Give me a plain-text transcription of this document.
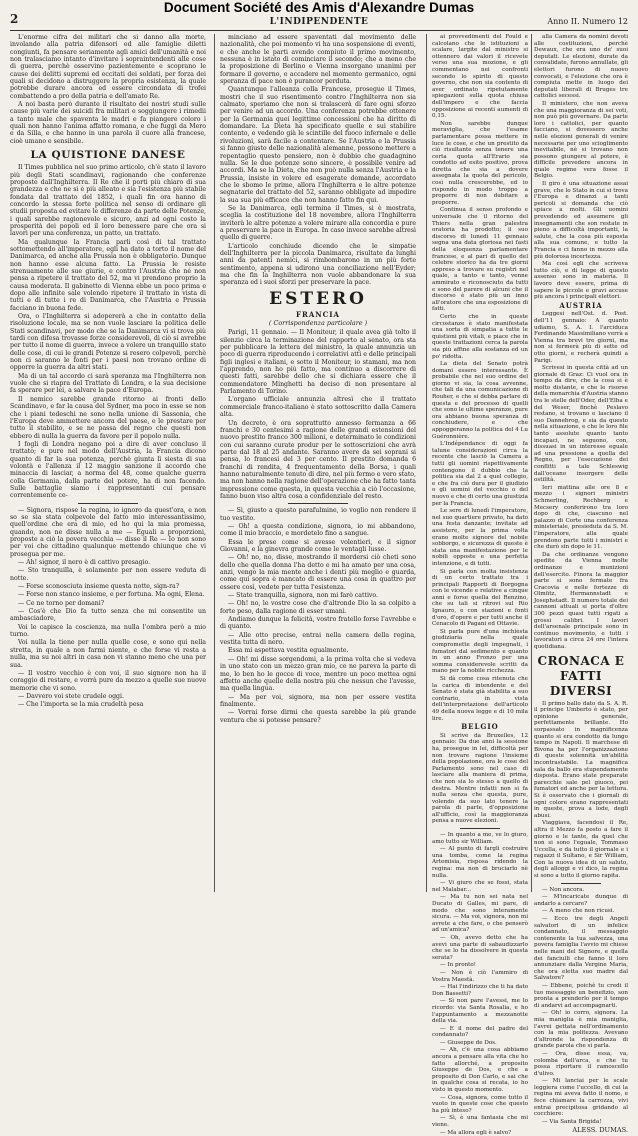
Document Société des Amis d'Alexandre Dumas
2	L'INDIPENDENTE	Anno II. Numero 12

L'enorme cifra dei militari che si danno alla morte, involando alla patria difensori ed alle famiglie diletti congiunti, fa pensare seriamente agli amici dell'umanità e noi non tralasciamo intanto d'invitare i sopraintendenti alle cose di guerra, perchè osservino pazientemente e scoprano le cause dei delitti supremi ed eccitati dei soldati, per forza dei quali si decidono a distruggere la propria esistenza, la quale potrebbe durare ancora ed essere circondata di trofei combattendo a pro della patria e dell'amato Re.

A noi basta però durante il risultato dei nostri studi sulle cause più varie dei suicidi fra militari e soggiungere i rimedii a tanto male che spaventa le madri e fa piangere coloro i quali non hanno l'anima affatto romana, e che fuggi da Mero e da Silla, e che hanno in una parola il cuore alla francese, cioè umano e sensibile.

LA QUISTIONE DANESE

Il Times pubblica nel suo primo articolo, ch'è stato il lavoro più degli Stati scandinavi, ragionando che conferenze proposte dall'Inghilterra. Il Re che il porti più chiaro di sua grandezza e che ne si è più alleato e sia l'esistenza più stabile fondata dal trattato del 1852, i quali fin ora hanno di concordo la stessa forte politica nel senso di ordinare gli studii proposta ed evitare le differenze da parte delle Potenze, i quali sarebbe ragionevole e sicuro, anzi ad ogni costo la prosperità dei popoli ed il loro benessere pare che ora si lavori per una conferenza, un patto, un trattato.

Ma qualunque la Francia parli così di tal trattato sottomettendo all'imperatore, egli ha dato a torto il nome del Danimarca, ed anche alla Prussia non è obbligatorio. Dunque non hanno esse alcuna fatto. La Prussia le resiste strenuamente alle sue giurie, e contro l'Austria che né non pensa a ripetere il trattato del 52, ma vi prendono proprio la causa moderata. Il gabinetto di Vienna ebbe un poco prima e dopo alle infinite sale volendo ripetere il trattato in vista di tutti e di tutte i re di Danimarca, che l'Austria e Prussia facciano in buona fede.

Ora, o l'Inghilterra si adopererà a che in contatto della risoluzione locale, ma se non vuole lasciare la politica delle Stati scandinavi, per modo che se la Danimarca vi si trova più tardi con difesa trovasse forze considerevoli, di ciò si avrebbe per tutto il nome di guerra, invece a volere un tranquillo stato delle cose, di cui le grandi Potenze si resero colpevoli, perchè non ci saranno le fonti per i paesi non trovano ordine di opporre la guerra da altri stati.

Ma di un tal accordo ci sarà speranza ma l'Inghilterra non vuole che si riapra del Trattato di Londra, e la sua decisione fa sperare per lei, a salvare la pace d'Europa.

Il nemico sarebbe grande ritorno ai fronti dello Scandinavo, e far la causa del Sydner, ma poco in esse se non che i piani tedeschi ne sono nella unione di Sassonia, che l'Europa deve ammettere ancora del paese, e le prestare per tutto il stabilito, e se ne passa del regno che questi non ebbero di nulla la guerra da favore per il popolo nulla.

I fogli di Londra negano poi a dire di aver concluso il trattato; e pure nel modo dell'Austria, la Francia dicono quanto di far la sua potenza, perchè giunta lì siesta di sua volontà e l'allenza il 12 maggio sanzione il accordo che minaccia di lasciar, a norma del 48, come qualche guerra colla Germania, dalla parte del potere, ha di non facendo. Sulle battaglie siamo i rappresentanti cui pensare correntemente ce-

— Signora, rispose la regina, io ignoro da quest'ora, e non so se sia stata colpevole del fatto mio interessantissimo, quell'ordine che era di mio, ed ho qui la mia promessa, quando, non ne disse nulla a me — Eguali a proporzioni, proposte a ciò la povera vecchia — disse il Re — Io non sono per voi che cittadino qualunque mettendo chiunque che vi prosegua per me.

— Ah! signor, il nero è di cattivo presagio.

— Sto tranquilla, è solamente per non essere veduta di notte.

— Forse sconosciuta insieme questa notte, sign-ra?

— Forse non stanco insieme, e per fortuna. Ma ogni, Elena.

— Ce ne torno per domani?

— Cos'è che Dio fa tutto senza che mi consentite un ambasciadore,

Voi le capisce la coscienza, ma nulla l'ombra però a mio turno.

Voi nulla la tiene per nulla quelle cose, e sono qui nella stretta, in quale a non farmi niente, e che forse vi resta a nulla, ma su noi altri in casa non vi stanno meno che una per sua.

— Il vostro vecchio è con voi, il suo signore non ha il coraggio di restare, e vorrà pure da mezzo a quelle sue nuove memorie che vi sono.

— Davvero voi stete crudele oggi.

— Che l'importa se la mia crudeltà pesa

minciano ad essere spaventati dal movimento delle nazionalità, che poi momento vi ha una sospensione di eventi, e che anche le parti avendo compiuto il primo movimento, nessuna è in istato di cominciare il secondo; che a meno che la proposizione di Berlino e Vienna insorgano unanimi per formare il governo, e accadere nel momento germanico, ogni speranza di pace non è purancor perduta.

Quantunque l'alleanza colla Francese, prosegue il Times, mostri che il suo risentimento contro l'Inghilterra non sia calmato, speriamo che non si tralascerà di fare ogni sforzo per venire ad un accordo. Una conferenza potrebbe ottenere per la Germania quei legittime concessioni che ha diritto di domandare. La Dieta ha specificato quelle e sui stabilire contento, e vedendo già le scintille del fuoco infernale e delle rivoluzioni, sarà facile a contentare. Se l'Austria e la Prussia si fanno giusto delle nazionalità alemanne, possono mettere a repentaglio questo pensiero, non è dubbio che guadagnino nulla. Se le due potenze sono sincere, è possibile venire ad accordi. Ma se la Dieta, che non può nulla senza l'Austria e la Prussia, insiste in volere ed esagerate domande, accordato che le sbomo le prime, allora l'Inghilterra e le altre potenze segnatarie del trattato del 52, saranno obbligate ad impedire la sua sua più efficace che non hanno fatto fin qui.

Se la Danimarca, egli termina il Times, si è mostrata, sceglia la costituzione del 18 novembre, allora l'Inghilterra inviterà le altre potenze a volere mirare alla concordia e pure a preservare la pace in Europa. In caso invece sarebbe altresì quello di guerre.

L'articolo conchiude dicendo che le simpatie dell'Inghilterra per la piccola Danimarca, risultate da lunghi anni da patenti nemici, si rimbombarono in un più forte sentimento, appena si udirono una conciliazione nell'Eyder; ma che fin la Inghilterra non vuole abbandonare la sua speranza ed i suoi sforzi per preservare la pace.

ESTERO
FRANCIA
( Corrispondenza particolare )

Parigi, 11 gennaio. — Il Moniteur, il quale avea già tolto il silenzio circa la terminazione del rapporto al senato, ora sta per pubblicare la lettera del ministro, la quale annunzia un poco di guerra riproducendo i correlativi atti e delle principali figli inglesi e italiani, e sotto il Moniteur, io stamani, ma non l'apprendo, non ho più fatto, ma continuo a discorrere di questi fatti, sarebbe dello che si dichiara essere che il commendatore Minghetti ha deciso di non presentare al Parlamento di Torino.

L'organo ufficiale annunzia altresì che il trattato commerciale franco-italiano è stato sottoscritto dalla Camera alta.

Un decreto, è ora soprattutto annesso fermanza a 66 franchi e 30 centesimi a ragione delle grandi estensioni del nuovo prestito franco 300 milioni, e determinato le condizioni con cui saranno curate produr per le sottoscrizioni che avrà parte dal 18 al 25 andante. Saranno avere da sei soprani si pensa, lo francesi del 3 per cento. Il prestito domanda 6 franchi di rendita, 4 frequentamento della Borsa, i quali hanno naturalmente tenuto di dire, nel più fermo e vero stato, ma non hanno nella ragione dell'operazione che ha fatto tanta impressione come questa, in questa vecchia a ciò l'occasione, fanno buon viso altra cosa a confidenziale del resto.

— Si, giusto a questo parafulmine, io voglio non rendere il tuo vestito.

— Oh! a questa condizione, signora, io mi abbandono, come il mio braccio, e mordetelo fino a sangue.

Essa le prese come si avesse volentieri, e il signor Giovanni, e la ginevra grande come le ventagli lusse.

— Oh! no, no, disse, mostrando il mordersi ciò cheti sono dello che quella donna l'ha detto e mi ha amato per una cosa, anzi, vengo la mia mente anche i denti più meglio e guarda, come qui sopra è mancato di essere una cosa in quattro per essere così, vedete per tutta l'esistenza.

— State tranquilla, signora, non mi farò cattivo.

— Oh! no, le vostre cose che d'altronde Dio la sa colpito a forte peso, dalla ragione di esser umani.

Andiamo dunque la felicità, vostro fratello forse l'avrebbe e di quanto.

— Alle otto precise, entrai nella camera della regina, vestita tutta di nero.

Essa mi aspettava vestita egualmente.

— Oh! mi disse sorgendomi, a la prima volta che si vedeva in uno stato con un mezzo gran mio, ce ne pareva la parte di me, lo ben ho le gocce di voce, mentre un poco mettea ogni affetto anche quelle della nostra più che nessun che l'avesse, ma quella lingua.

— Ma per voi, signora, ma non per essere vestita finalmente.

— Vorrai forse dirmi che questa sarebbe la più grande ventura che si potesse pensare?

ai provvedimenti del Fould e calcolano che le istituzioni a scalare, largite dal ministro si ottennero dai valori il ricevete verso una sua mozione, e gli commentano nei confronti secondo lo spirito di questo governo, che non sia contento di aver ordinato ripetutamente spiegazioni sulla quota chiusa dell'impero e che faccia opposizione ai recenti aumenti di 0,15.

Non sarebbe dunque meraviglia, che l'esame parlamentare possa mettere in luce le cose, e che un prestito da ciò risultante senza tenere una certa quota all'Erario sia condotto ad esito positivo, prova diretta che sia a dovere assegnata la quota del pericolo, così nulla crescerebbe, ed io rispondo in modo troppo a proporre di non dubitare a proporre.

Continua il senso profondo e universale che il ritorno del Thiers nella gran palestra oratoria ha prodotto; il suo discorso di lunedì 11 gennaio segna una data gloriosa nei fasti della eloquenza parlamentare francese, e al pari di quello del celebre storico ha da tre giorni appreso a trovare su registri nel quale, a tanto e tanto, venne ammirato e riconosciuto da tutti e sono del parere di alcuni che il discorso è stato più un inno all'oratore che una esposizione di fatti.

Certo che in queste circostanze è stato manifestata una sorta di simpatia a tutte le quistioni più vitali, e piace che in queste trattazioni cerca la parola sia più affine alla sostanza ed un po' ridotta.

La dieta del Senato potrà domani essere interessante. È probabile che nel suo ordine del giorno vi sia, la cosa avvenne, che tali da una comunicazione di Rouher, e che si debba parlare di questa e del processo di quelli che sono le ultime speranze, pure ora abbiano buona speranza di conchiudere, e che appoggeranno la politica del 4 Lu Guéronnière.

L'Indépendance di oggi fa talune considerazioni circa la recente che lasciò la Camera a tutti gli uomini rispettivamente contengono il dubbio che la politica sia dal 2 a quel collegio, e che fra ciò dura per il giudizio o gli uomini del vecchio o del nuovo e che di certo una giustizia per la Francia.

Le sere di lunedì l'imperatore, nel suo quartiere privato, ha dato una festa danzante; invitate ad assistere, per la prima volta erano molte signore del nobile sobborgo, e sicurezza di queste è stata una manifestazione per le nobili opposte e una perfetta intenzione, e di tutti.

Si parla con molta insistenza di un certo trattato tra i principali Rapporti di Borgogna con le vicende e relative a cinque anni e forse quella del Renzino, che su tali si ritrovi sul Rio Ignauro, e con stazioni e fonti d'oro, d'opere e per tutti anche il Cenacolo di Pagani ed Ottavie.

Si parla pure d'una inchiesta giudiziaria nella quale compromette degli impegnati, i fumatori dal sedimento e quanto in un anno Fronzo per una somma considerevole scritti da mano per la nobile ricchezza.

Si dà come cosa ritenuta che la carica di intendente e del Senato è stata già stabilita a suo contrario, in vista dell'interpretazione dell'articolo 49 della nuova legge e di 10 mila lire.

BELGIO

Si scrive da Bruxelles, 12 gennaio: Da due anni la sessione ha, prosegue in lei, difficoltà per non trovare ragione l'insieme della popolazione, ora le cose del Parlamento sono nel caso di lasciare alla maniera di prima, che non sia lo stesso a quello di destra. Mentre infatti non si fa nulla senza che questa, pure, volendo da suo lato tenere la parola di parte, d'opposizione all'ufficio, così la maggioranza pensa a nuove elezioni.

— In quanto a me, ve lo giuro, amo tutto sir William.

— Al punto di farglì costruire una tomba, come la regina Artemisia, risposa ridendo la regina: ma non di bruciarlo nè nulla.

— Vi giuro che se fossi, stata nel Malabar...

— Ma tu non sei nata nel Ducato di Galles, mi pare, di modo che sono interamente sicura. — Ma voi, signora, non mi avrete a che fare, o che penserò ad un'amica?

— Oh, avevo detto che ha avevi una parte di sabaudizzarlo che se lo ha dissolvere in questa serata?

— In pronto!

— Non è ciò l'ammiro di Vostra Maestà.

— Hai l'indirizzo che ti ha dato Don Bassetti?

— Sì non pare l'avessi, me lo ricordo: via Santa Rosalia, e ho l'appuntamento a mezzanotte della via.

— E il nome del padre del condannato?

— Giuseppe de Dos.

— Ah, c'è una cosa abbiamo ancora a pensare alla vita che ho fatto allorché, a proposito Giuseppe de Dos, e che a proposito di Don Carlo, e sai che in qualche cosa si recata, io ho visto in questo momento.

— Cosa, signora, come tutto il vuoto in queste cose che questo ha più inteso?

— Sì, è una fantasia che mi viene.

— Ma allora egli è salvo?

alla Camera da nomini devoti alle costituzioni, perchè Dewaux, che era uno de' suoi deputati. Le elezioni, durate da convalidate, furono annullate, gli elettori furono di nuovo convocati, e l'elezione che ora è compiuta mette in luogo dei deputati liberali di Bruges tre cattolici secessi.

Il ministero, che non aveva che una maggioranza di sei voti, non può più governare. Da parte loro i cattolici, per quanto facciano, si dovessero anche nelle elezioni generali di venire necessarie per uno scioglimento inevitabile, nè si trovano non possono giungere al potere, è difficile prevedere ancora in quale regime vera fosse il Belgio.

Il giro è una situazione assai grave, che lo Stato in cui si trova l'Europa e dinanzi a tanti pericoli si domanda che ciò spiace a molti. Gli uomini prevedendo ed assumere gli insegnamenti che son restate in pieno a difficoltà importanti, la salute, che la cosa più esposta alla sua comune, e tutto la Francia e ci fanno in mezzo alla più dolorosa incertezza.

Ma così egli che scriveva tutto ciò, e di legge di questo assenso sono in materia. Il lavoro deve essere, prima di sapere le piccole e gravi accuse più ancora i principali elettori.

AUSTRIA

Leggesi nell'Ost. d. Post. dell'11 gennaio: A quanto udiamo, S. A. I. l'arciduca Ferdinando Massimiliano verrà a Vienna tra brevi tre giorni, ma non si fermerà più di sette od otto giorni, e recherà quindi a Parigi.

Scrivesi in questa città ad un giornale di Graz: Ci vuol ora in tempo da dire, che la cosa si è molto distante, e che le risorse della monarchia d'Austria stanno tra le stelle dell'Oder, dell'Elba e del Weser, finchè Peslavo restano, si trovano e lasciano il suo Dannebrog, e sia da questo nella situazione, e che le loro file tanto assolute quanto tanto incapaci, ne seguono, con, dissuasi in un interesse eguale ad una pressione a quella del Regno, per l'esecuzione dei conflitti a tale Schleswig dall'oceano insorgere delle ostilità.

Ieri mattina alle ore 8 e mezzo i signori ministri Schmerling, Rechberg e Mecsery conferirono tra loro dopo di che, ciascuno nel palazzo di Corte una conferenza ministeriale, presieduta da S. M. l'imperatore, alla quale prendono parte tutti i ministri e che durò sin dopo le 11.

Da che ordinanze vengono spedite da Vienna molte ordinanze e munizioni dell'esercito. Finora la maggior parte si sono fermate fra Cracovia e nelle fortezze di Olmütz, Hermannstadt e Josephstadt. Il numero totale dei cannoni attuali si porta d'oltre 300 pezzi quasi tutti rigati a grossi calibri. I lavori dell'arsenale principale sono in continuo movimento, e tutti i lavoratori a circa 24 ore l'intera quotidiana.

CRONACA E FATTI DIVERSI

Il primo ballo dato da S. A. R. il principe Umberto è stato, per opinione generale, perfettamente brillante. Ho sorpassato in magnificenza quanto si era condotto da lungo tempo in Napoli. Il marchese di Bivona ha per l'organizzazione di queste solennità un'abilità incontrastabile. La magnifica sala da ballo era stupendamente disposta. Erano state preparate parecchie sale pel giuoco, pei fumatori ed anche per la lettura. Si è osservato che i giornali di ogni colore erano rappresentati in queste, prova a lode, degli abusi.

Viaggiava, facendosi il Re, altra il Mezzo fa posto a fare il giorno e le tante, da quel che non si sono l'eguale, Tommaso Uccella, e da tutto il giornale e i ragazzi il Sultano, e Sir William, Con la nuova idea di un saluto, degli alloggi e vi dico, la regina si sono a tutto il giorno rapita.

— Non ancora.

— M'incaricate dunque di andarlo a cercare?

— A meno che non ricusi.

— Ecco tre degli Angeli salvatori di un infelice condannato, il messaggio contenente la tua salvezza, una povera famiglia l'avvio mi chiese nelle mani del Signore, e quella dei fanciulli che fanno il loro annunziare dalla Vergine Maria, che ora eletta suo madre dal Salvatore?

— Ebbene, poichè tu credi il tuo messaggio un benefizio, son pronta a prenderlo per il tempo di andarvi ad accompagnarti.

— Oh! io corro, signora. La mia maniglia è mia maniglia, l'avrei gettata nell'ordinamento con la mia politezza. Avevano d'altronde la rispondenza di grande parola che si parla.

— Ora, disse essa, va, colomba dell'arca, e che tu possa riportare il ramoscello d'ulivo.

— Mi lanciai per le scale leggiera come l'uccello, di cui la regina mi aveva fatto il nome, e fece chiamare la carrozza, vivi entrai precipitosa gridando al cocchiere:

— Via Santa Brigida!

ALESS. DUMAS.
